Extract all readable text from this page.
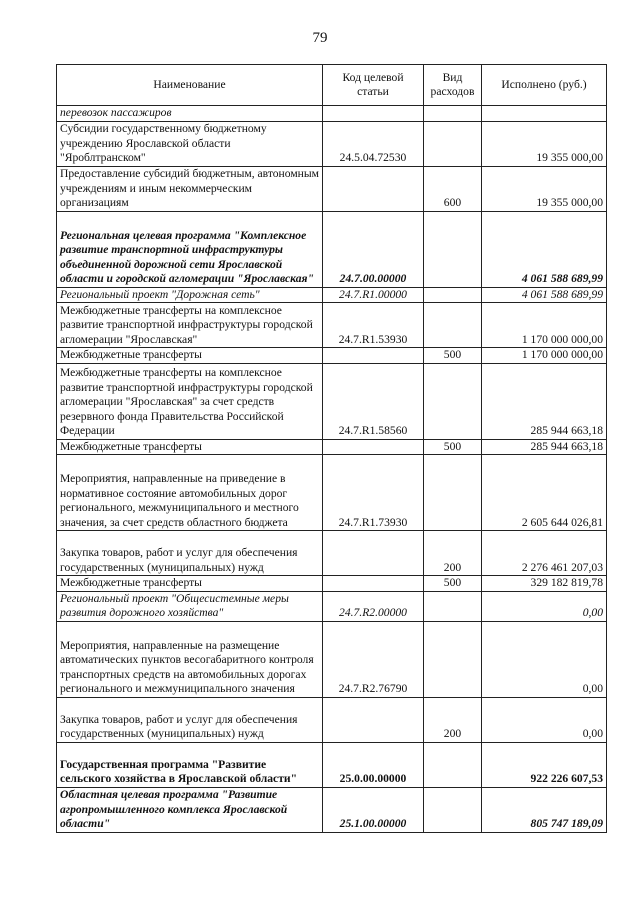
79
Наименование	Код целевой статьи	Вид расходов	Исполнено (руб.)
перевозок пассажиров			
Субсидии государственному бюджетному учреждению Ярославской области "Яроблтранском"	24.5.04.72530		19 355 000,00
Предоставление субсидий бюджетным, автономным учреждениям и иным некоммерческим организациям		600	19 355 000,00
Региональная целевая программа "Комплексное развитие транспортной инфраструктуры объединенной дорожной сети Ярославской области и городской агломерации "Ярославская"	24.7.00.00000		4 061 588 689,99
Региональный проект "Дорожная сеть"	24.7.R1.00000		4 061 588 689,99
Межбюджетные трансферты на комплексное развитие транспортной инфраструктуры городской агломерации "Ярославская"	24.7.R1.53930		1 170 000 000,00
Межбюджетные трансферты		500	1 170 000 000,00
Межбюджетные трансферты на комплексное развитие транспортной инфраструктуры городской агломерации "Ярославская" за счет средств резервного фонда Правительства Российской Федерации	24.7.R1.58560		285 944 663,18
Межбюджетные трансферты		500	285 944 663,18
Мероприятия, направленные на приведение в нормативное состояние автомобильных дорог регионального, межмуниципального и местного значения, за счет средств областного бюджета	24.7.R1.73930		2 605 644 026,81
Закупка товаров, работ и услуг для обеспечения государственных (муниципальных) нужд		200	2 276 461 207,03
Межбюджетные трансферты		500	329 182 819,78
Региональный проект "Общесистемные меры развития дорожного хозяйства"	24.7.R2.00000		0,00
Мероприятия, направленные на размещение автоматических пунктов весогабаритного контроля транспортных средств на автомобильных дорогах регионального и межмуниципального значения	24.7.R2.76790		0,00
Закупка товаров, работ и услуг для обеспечения государственных (муниципальных) нужд		200	0,00
Государственная программа "Развитие сельского хозяйства в Ярославской области"	25.0.00.00000		922 226 607,53
Областная целевая программа "Развитие агропромышленного комплекса Ярославской области"	25.1.00.00000		805 747 189,09
